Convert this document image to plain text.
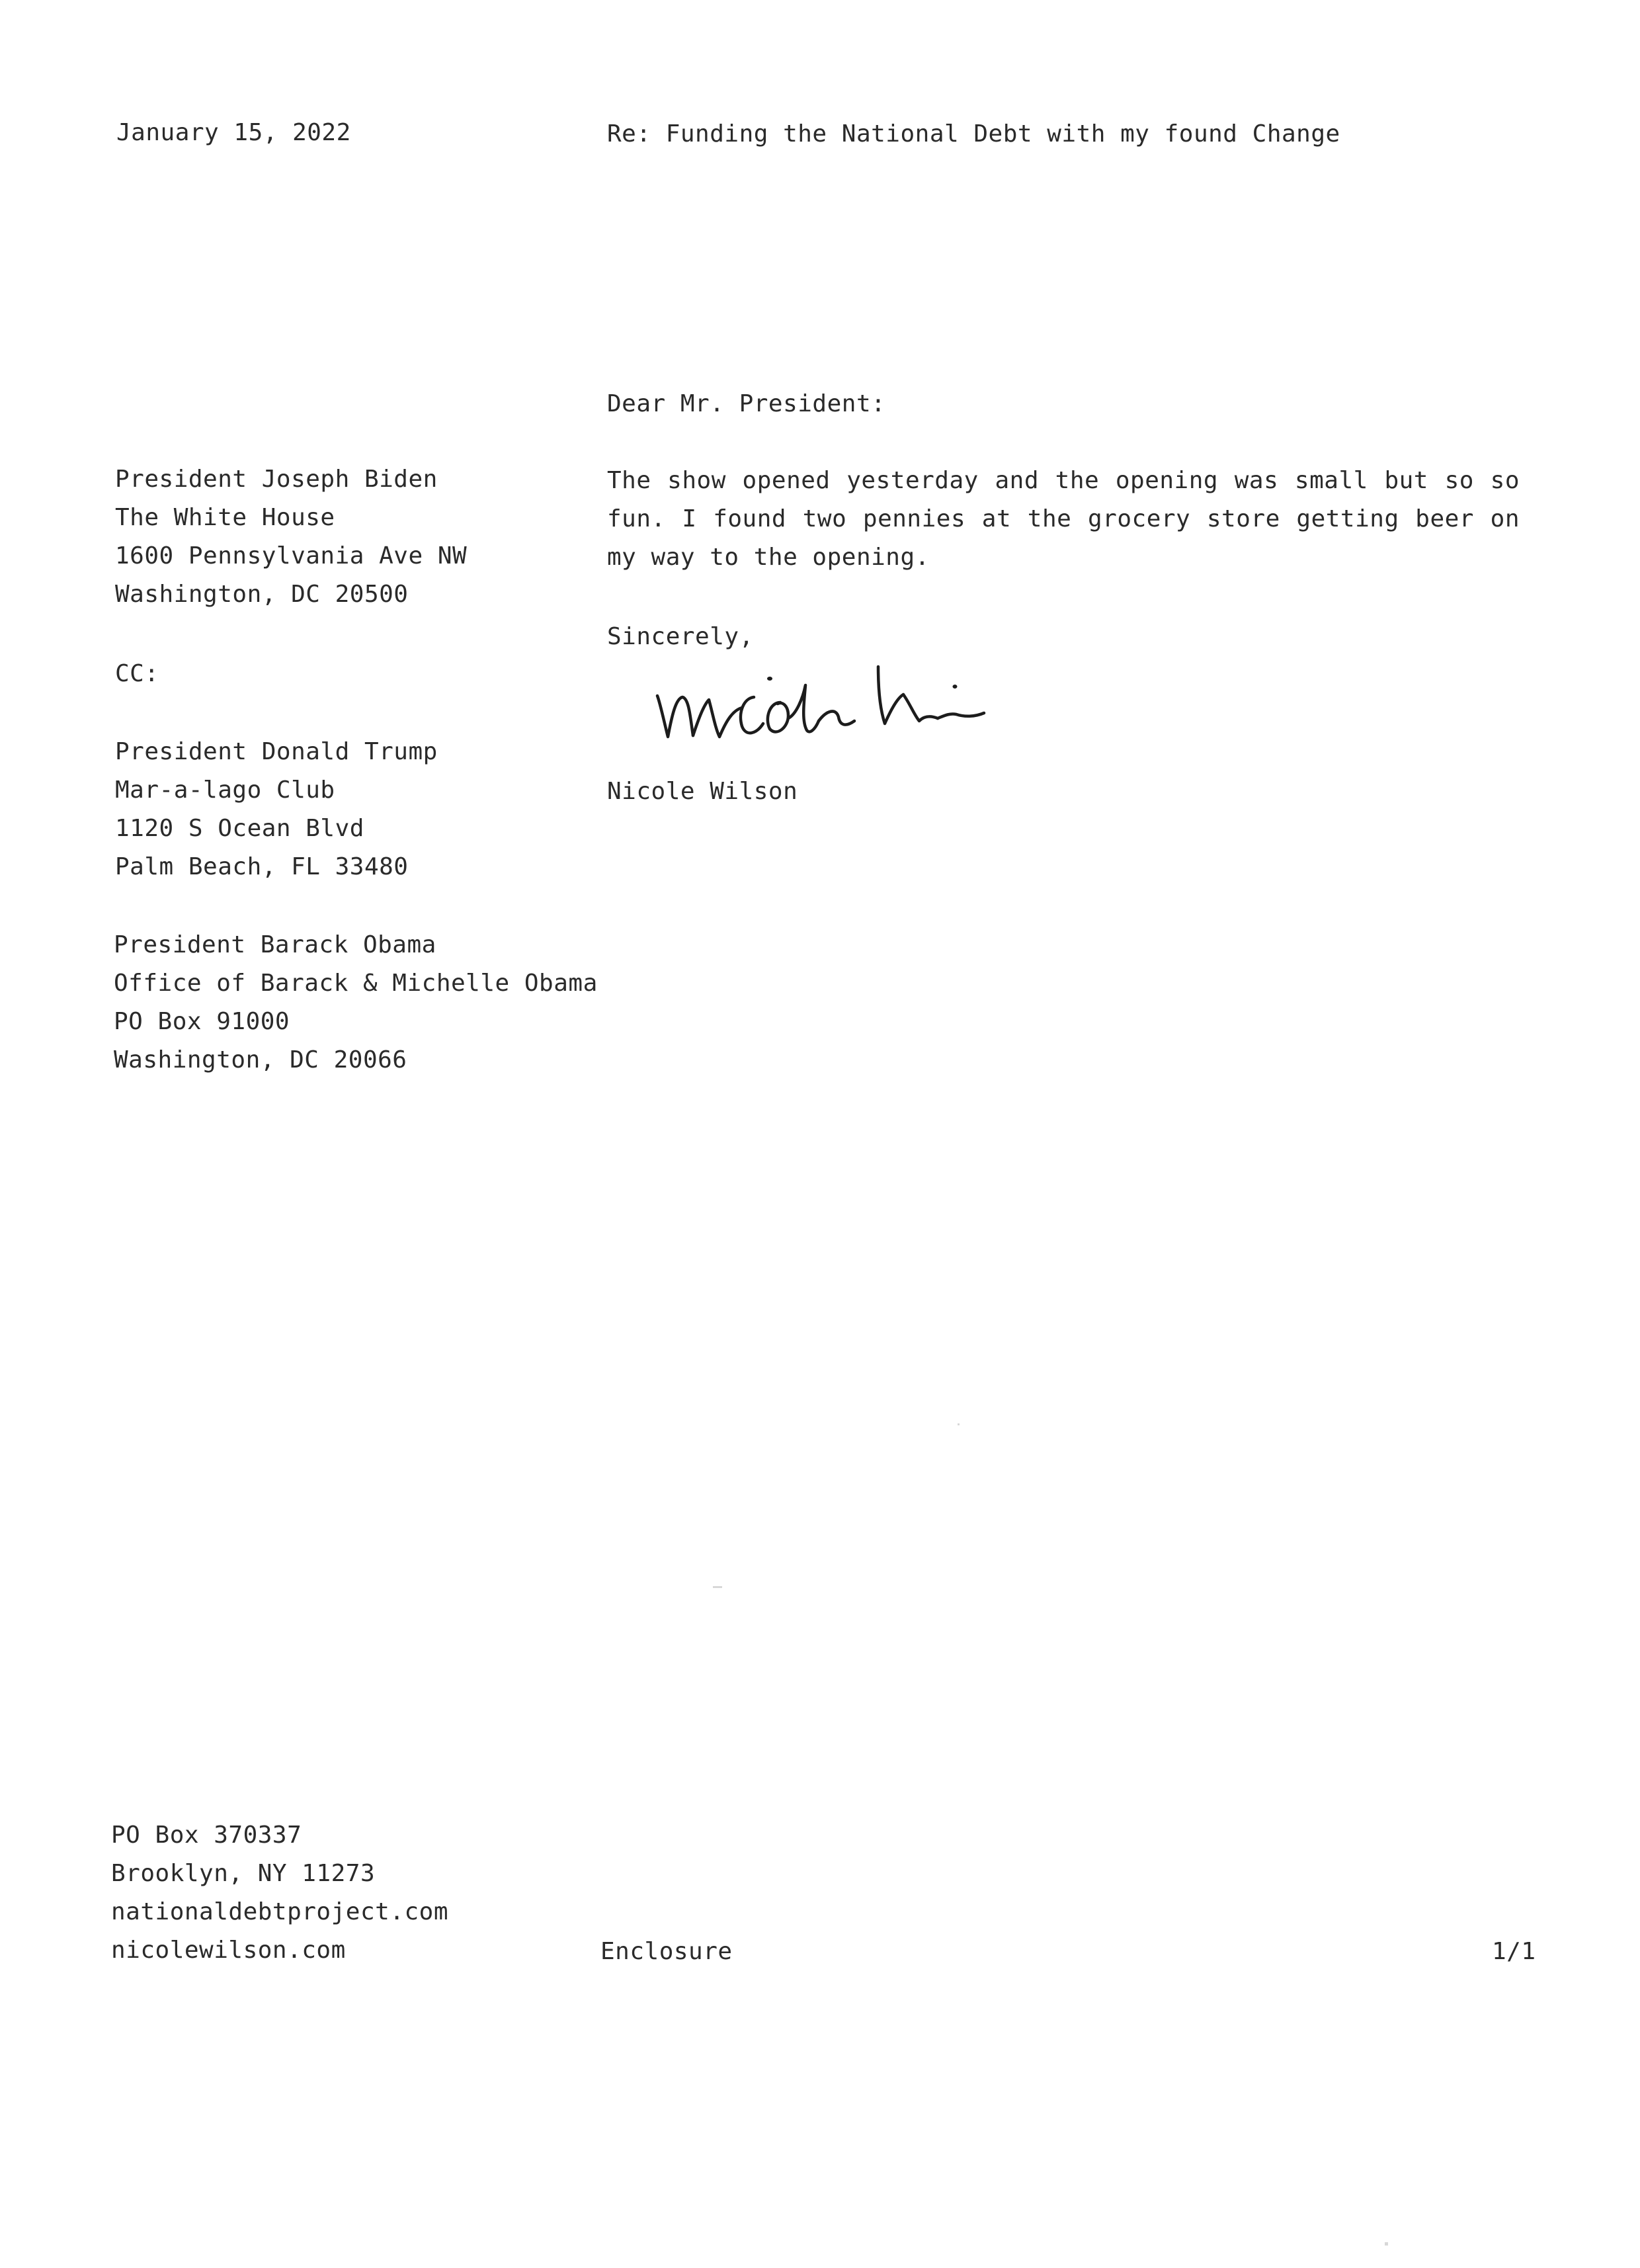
January 15, 2022	Re: Funding the National Debt with my found Change
Dear Mr. President:
President Joseph Biden
The White House
1600 Pennsylvania Ave NW
Washington, DC 20500
CC:
President Donald Trump
Mar-a-lago Club
1120 S Ocean Blvd
Palm Beach, FL 33480
President Barack Obama
Office of Barack & Michelle Obama
PO Box 91000
Washington, DC 20066

The show opened yesterday and the opening was small but so so fun. I found two pennies at the grocery store getting beer on my way to the opening.

Sincerely,
nicole wi
Nicole Wilson
PO Box 370337
Brooklyn, NY 11273
nationaldebtproject.com
nicolewilson.com	Enclosure	1/1
